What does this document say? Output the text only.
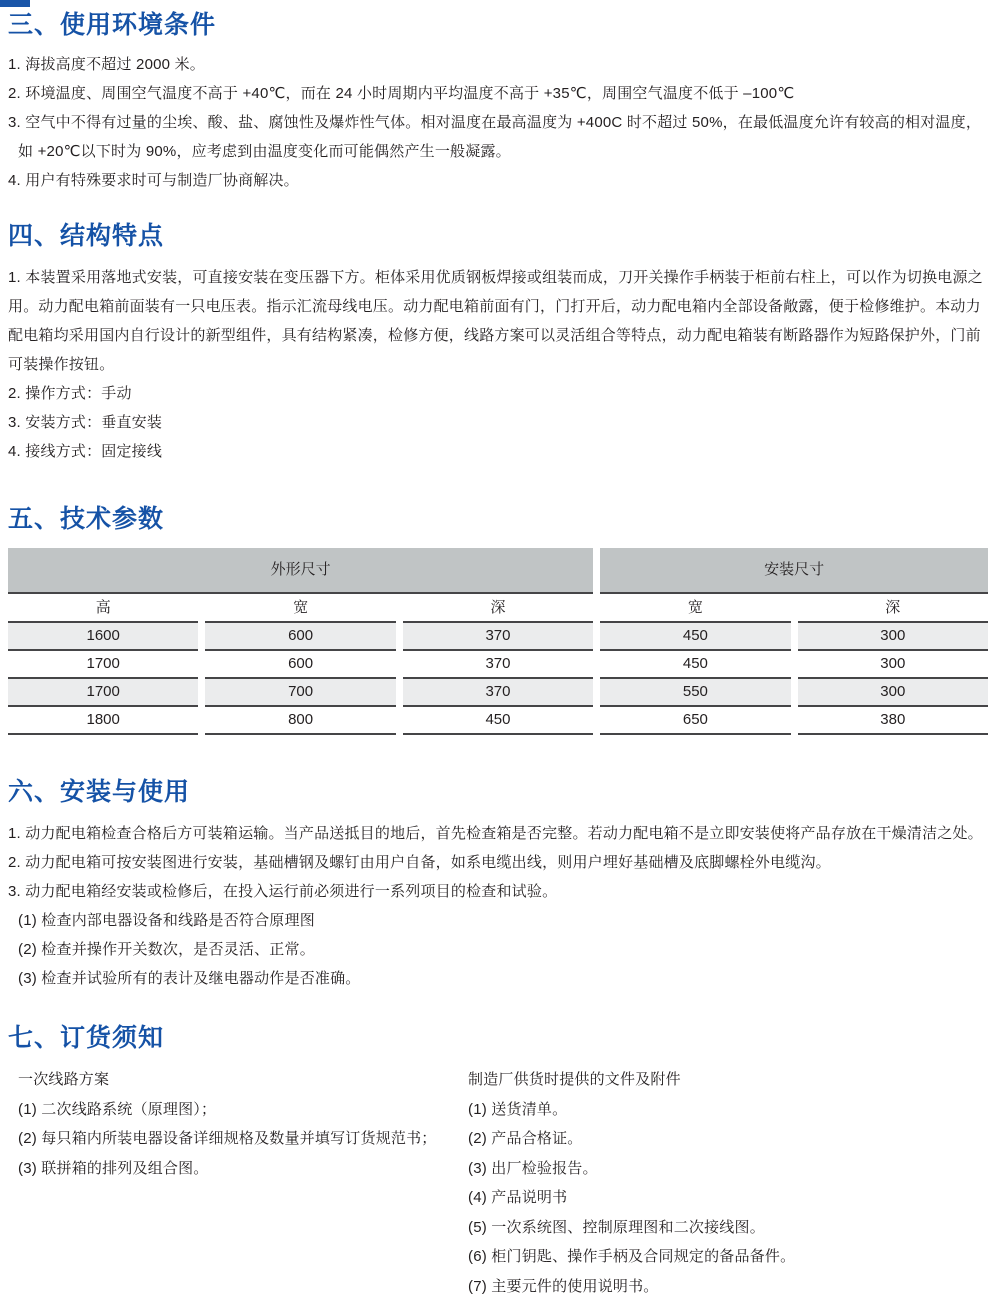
三、使用环境条件
1. 海拔高度不超过 2000 米。
2. 环境温度、周围空气温度不高于 +40℃，而在 24 小时周期内平均温度不高于 +35℃，周围空气温度不低于 –100℃
3. 空气中不得有过量的尘埃、酸、盐、腐蚀性及爆炸性气体。相对温度在最高温度为 +400C 时不超过 50%，在最低温度允许有较高的相对温度，如 +20℃以下时为 90%，应考虑到由温度变化而可能偶然产生一般凝露。
4. 用户有特殊要求时可与制造厂协商解决。
四、结构特点
1. 本装置采用落地式安装，可直接安装在变压器下方。柜体采用优质钢板焊接或组装而成，刀开关操作手柄装于柜前右柱上，可以作为切换电源之用。动力配电箱前面装有一只电压表。指示汇流母线电压。动力配电箱前面有门，门打开后，动力配电箱内全部设备敞露，便于检修维护。本动力配电箱均采用国内自行设计的新型组件，具有结构紧凑，检修方便，线路方案可以灵活组合等特点，动力配电箱装有断路器作为短路保护外，门前可装操作按钮。
2. 操作方式：手动
3. 安装方式：垂直安装
4. 接线方式：固定接线
五、技术参数
外形尺寸	安装尺寸
高	宽	深	宽	深
1600	600	370	450	300
1700	600	370	450	300
1700	700	370	550	300
1800	800	450	650	380
六、安装与使用
1. 动力配电箱检查合格后方可装箱运输。当产品送抵目的地后，首先检查箱是否完整。若动力配电箱不是立即安装使将产品存放在干燥清洁之处。
2. 动力配电箱可按安装图进行安装，基础槽钢及螺钉由用户自备，如系电缆出线，则用户埋好基础槽及底脚螺栓外电缆沟。
3. 动力配电箱经安装或检修后，在投入运行前必须进行一系列项目的检查和试验。
(1) 检查内部电器设备和线路是否符合原理图
(2) 检查并操作开关数次，是否灵活、正常。
(3) 检查并试验所有的表计及继电器动作是否准确。
七、订货须知
一次线路方案
(1) 二次线路系统（原理图）；
(2) 每只箱内所装电器设备详细规格及数量并填写订货规范书；
(3) 联拼箱的排列及组合图。
制造厂供货时提供的文件及附件
(1) 送货清单。
(2) 产品合格证。
(3) 出厂检验报告。
(4) 产品说明书
(5) 一次系统图、控制原理图和二次接线图。
(6) 柜门钥匙、操作手柄及合同规定的备品备件。
(7) 主要元件的使用说明书。
